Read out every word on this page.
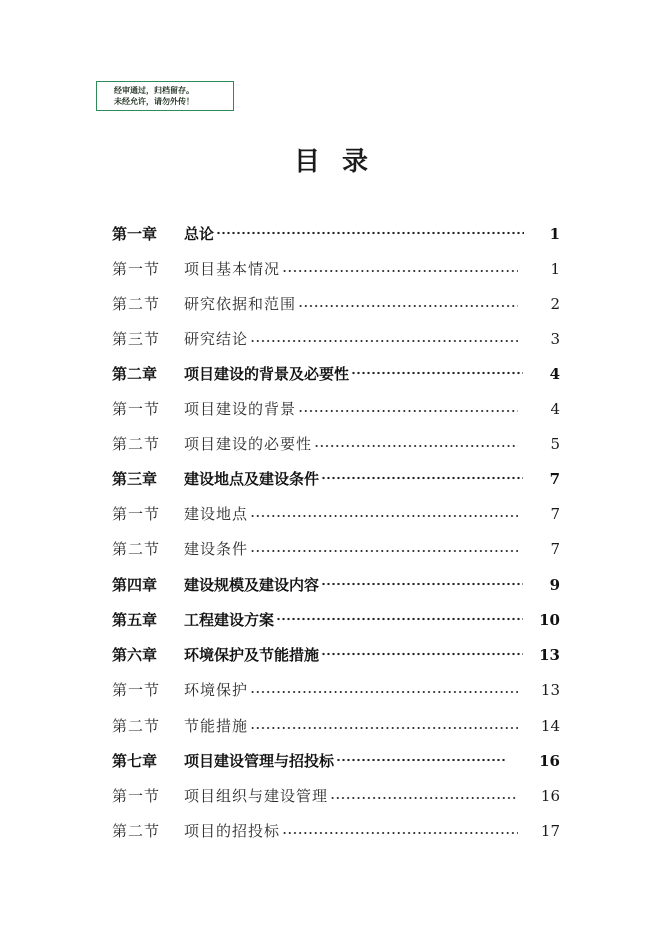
经审通过，归档留存。
未经允许，请勿外传！
目录
第一章 总论	1
第一节 项目基本情况	1
第二节 研究依据和范围	2
第三节 研究结论	3
第二章 项目建设的背景及必要性	4
第一节 项目建设的背景	4
第二节 项目建设的必要性	5
第三章 建设地点及建设条件	7
第一节 建设地点	7
第二节 建设条件	7
第四章 建设规模及建设内容	9
第五章 工程建设方案	10
第六章 环境保护及节能措施	13
第一节 环境保护	13
第二节 节能措施	14
第七章 项目建设管理与招投标	16
第一节 项目组织与建设管理	16
第二节 项目的招投标	17
